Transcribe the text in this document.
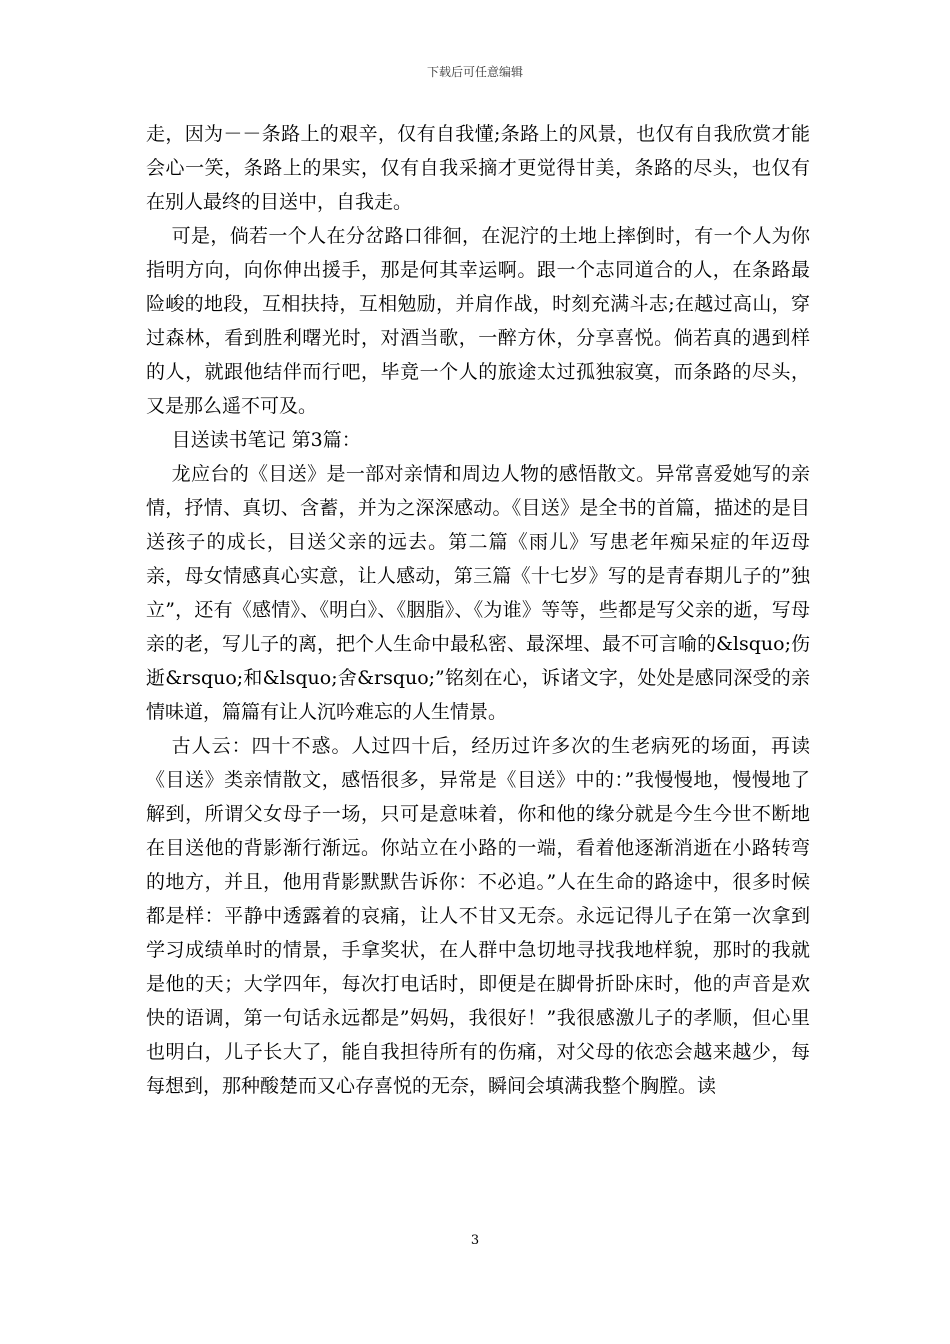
下载后可任意编辑

走，因为－－条路上的艰辛，仅有自我懂;条路上的风景，也仅有自我欣赏才能会心一笑，条路上的果实，仅有自我采摘才更觉得甘美，条路的尽头，也仅有在别人最终的目送中，自我走。

可是，倘若一个人在分岔路口徘徊，在泥泞的土地上摔倒时，有一个人为你指明方向，向你伸出援手，那是何其幸运啊。跟一个志同道合的人，在条路最险峻的地段，互相扶持，互相勉励，并肩作战，时刻充满斗志;在越过高山，穿过森林，看到胜利曙光时，对酒当歌，一醉方休，分享喜悦。倘若真的遇到样的人，就跟他结伴而行吧，毕竟一个人的旅途太过孤独寂寞，而条路的尽头，又是那么遥不可及。

目送读书笔记 第3篇：

龙应台的《目送》是一部对亲情和周边人物的感悟散文。异常喜爱她写的亲情，抒情、真切、含蓄，并为之深深感动。《目送》是全书的首篇，描述的是目送孩子的成长，目送父亲的远去。第二篇《雨儿》写患老年痴呆症的年迈母亲，母女情感真心实意，让人感动，第三篇《十七岁》写的是青春期儿子的”独立”，还有《感情》、《明白》、《胭脂》、《为谁》等等，些都是写父亲的逝，写母亲的老，写儿子的离，把个人生命中最私密、最深埋、最不可言喻的&lsquo;伤逝&rsquo;和&lsquo;舍&rsquo;”铭刻在心，诉诸文字，处处是感同深受的亲情味道，篇篇有让人沉吟难忘的人生情景。

古人云：四十不惑。人过四十后，经历过许多次的生老病死的场面，再读《目送》类亲情散文，感悟很多，异常是《目送》中的：”我慢慢地，慢慢地了解到，所谓父女母子一场，只可是意味着，你和他的缘分就是今生今世不断地在目送他的背影渐行渐远。你站立在小路的一端，看着他逐渐消逝在小路转弯的地方，并且，他用背影默默告诉你：不必追。”人在生命的路途中，很多时候都是样：平静中透露着的哀痛，让人不甘又无奈。永远记得儿子在第一次拿到学习成绩单时的情景，手拿奖状，在人群中急切地寻找我地样貌，那时的我就是他的天；大学四年，每次打电话时，即便是在脚骨折卧床时，他的声音是欢快的语调，第一句话永远都是”妈妈，我很好！”我很感激儿子的孝顺，但心里也明白，儿子长大了，能自我担待所有的伤痛，对父母的依恋会越来越少，每每想到，那种酸楚而又心存喜悦的无奈，瞬间会填满我整个胸膛。读

3
